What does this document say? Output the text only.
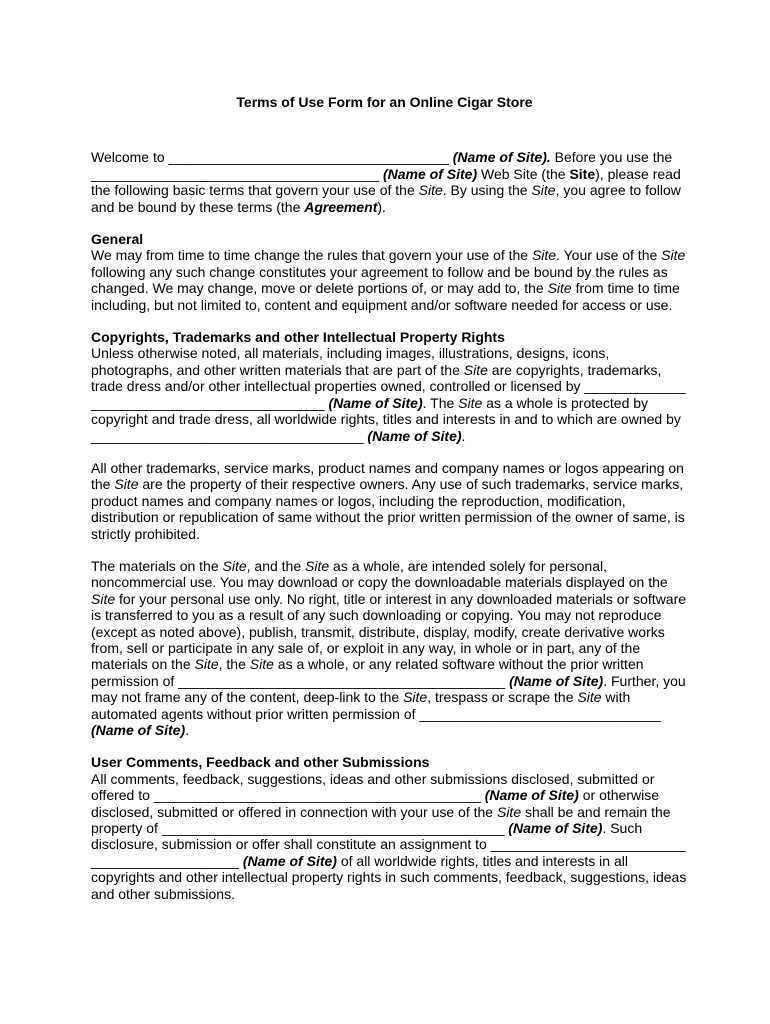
Terms of Use Form for an Online Cigar Store

Welcome to ____________________________________ (Name of Site). Before you use the _____________________________________ (Name of Site) Web Site (the Site), please read the following basic terms that govern your use of the Site. By using the Site, you agree to follow and be bound by these terms (the Agreement).

General
We may from time to time change the rules that govern your use of the Site. Your use of the Site following any such change constitutes your agreement to follow and be bound by the rules as changed. We may change, move or delete portions of, or may add to, the Site from time to time including, but not limited to, content and equipment and/or software needed for access or use.

Copyrights, Trademarks and other Intellectual Property Rights
Unless otherwise noted, all materials, including images, illustrations, designs, icons, photographs, and other written materials that are part of the Site are copyrights, trademarks, trade dress and/or other intellectual properties owned, controlled or licensed by _____________ ______________________________ (Name of Site). The Site as a whole is protected by copyright and trade dress, all worldwide rights, titles and interests in and to which are owned by ___________________________________ (Name of Site).

All other trademarks, service marks, product names and company names or logos appearing on the Site are the property of their respective owners. Any use of such trademarks, service marks, product names and company names or logos, including the reproduction, modification, distribution or republication of same without the prior written permission of the owner of same, is strictly prohibited.

The materials on the Site, and the Site as a whole, are intended solely for personal, noncommercial use. You may download or copy the downloadable materials displayed on the Site for your personal use only. No right, title or interest in any downloaded materials or software is transferred to you as a result of any such downloading or copying. You may not reproduce (except as noted above), publish, transmit, distribute, display, modify, create derivative works from, sell or participate in any sale of, or exploit in any way, in whole or in part, any of the materials on the Site, the Site as a whole, or any related software without the prior written permission of __________________________________________ (Name of Site). Further, you may not frame any of the content, deep-link to the Site, trespass or scrape the Site with automated agents without prior written permission of _______________________________ (Name of Site).

User Comments, Feedback and other Submissions
All comments, feedback, suggestions, ideas and other submissions disclosed, submitted or offered to __________________________________________ (Name of Site) or otherwise disclosed, submitted or offered in connection with your use of the Site shall be and remain the property of ____________________________________________ (Name of Site). Such disclosure, submission or offer shall constitute an assignment to _________________________ ___________________ (Name of Site) of all worldwide rights, titles and interests in all copyrights and other intellectual property rights in such comments, feedback, suggestions, ideas and other submissions.
